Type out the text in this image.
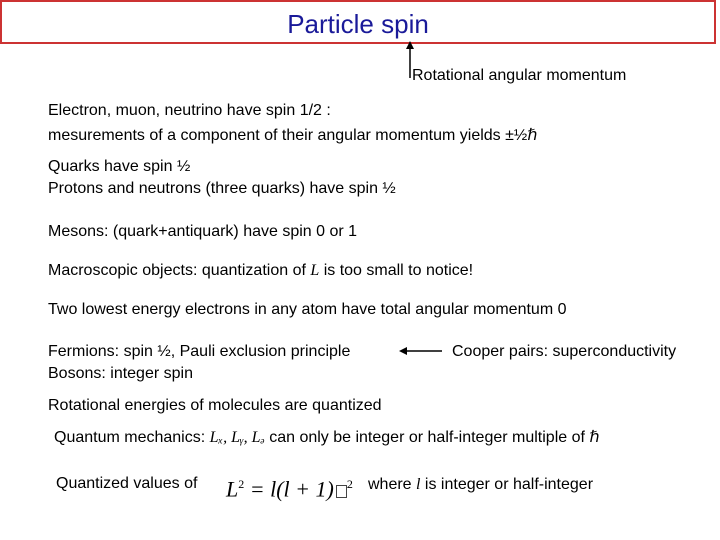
Particle spin
Rotational angular momentum
Electron, muon, neutrino have spin 1/2 :
mesurements of a component of their angular momentum yields ±½ℏ
Quarks have spin ½
Protons and neutrons (three quarks) have spin ½
Mesons: (quark+antiquark) have spin 0 or 1
Macroscopic objects: quantization of L is too small to notice!
Two lowest energy electrons in any atom have total angular momentum 0
Fermions: spin ½, Pauli exclusion principle
Bosons: integer spin
Cooper pairs: superconductivity
Rotational energies of molecules are quantized
Quantum mechanics: Lₓ, Lᵧ, Lₔ can only be integer or half-integer multiple of ℏ
Quantized values of $L^2 = l(l + 1)$ $^2$ where l is integer or half-integer
